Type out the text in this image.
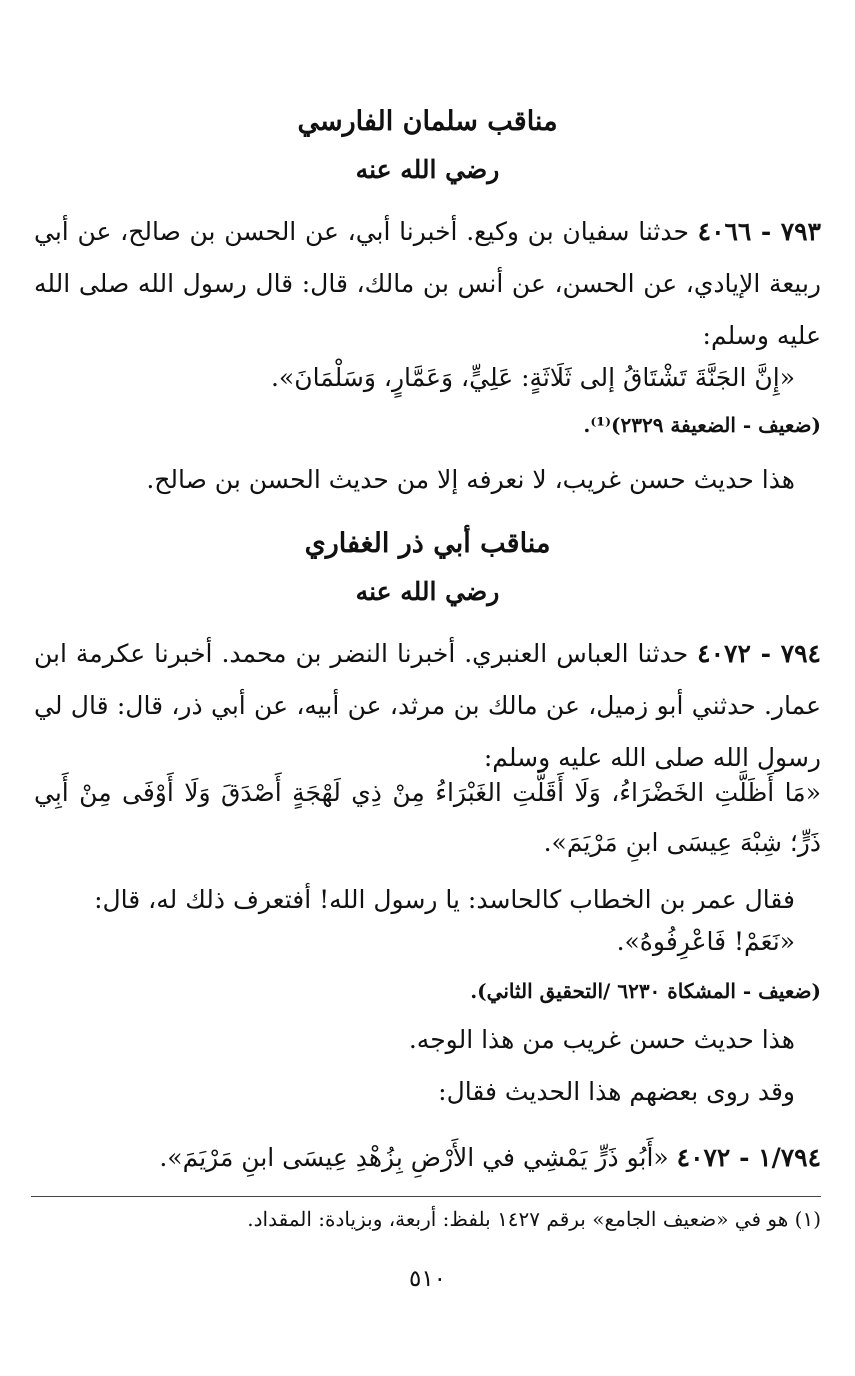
مناقب سلمان الفارسي
رضي الله عنه
٧٩٣ - ٤٠٦٦ حدثنا سفيان بن وكيع. أخبرنا أبي، عن الحسن بن صالح، عن أبي ربيعة الإيادي، عن الحسن، عن أنس بن مالك، قال: قال رسول الله صلى الله عليه وسلم:
«إِنَّ الجَنَّةَ تَشْتَاقُ إلى ثَلَاثَةٍ: عَلِيٍّ، وَعَمَّارٍ، وَسَلْمَانَ».
(ضعيف - الضعيفة ٢٣٢٩)⁽¹⁾.
هذا حديث حسن غريب، لا نعرفه إلا من حديث الحسن بن صالح.
مناقب أبي ذر الغفاري
رضي الله عنه
٧٩٤ - ٤٠٧٢ حدثنا العباس العنبري. أخبرنا النضر بن محمد. أخبرنا عكرمة ابن عمار. حدثني أبو زميل، عن مالك بن مرثد، عن أبيه، عن أبي ذر، قال: قال لي رسول الله صلى الله عليه وسلم:
«مَا أَظَلَّتِ الخَضْرَاءُ، وَلَا أَقَلَّتِ الغَبْرَاءُ مِنْ ذِي لَهْجَةٍ أَصْدَقَ وَلَا أَوْفَى مِنْ أَبِي ذَرٍّ؛ شِبْهَ عِيسَى ابنِ مَرْيَمَ».
فقال عمر بن الخطاب كالحاسد: يا رسول الله! أفتعرف ذلك له، قال:
«نَعَمْ! فَاعْرِفُوهُ».
(ضعيف - المشكاة ٦٢٣٠ /التحقيق الثاني).
هذا حديث حسن غريب من هذا الوجه.
وقد روى بعضهم هذا الحديث فقال:
١/٧٩٤ - ٤٠٧٢ «أَبُو ذَرٍّ يَمْشِي في الأَرْضِ بِزُهْدِ عِيسَى ابنِ مَرْيَمَ».
(١) هو في «ضعيف الجامع» برقم ١٤٢٧ بلفظ: أربعة، وبزيادة: المقداد.
٥١٠
